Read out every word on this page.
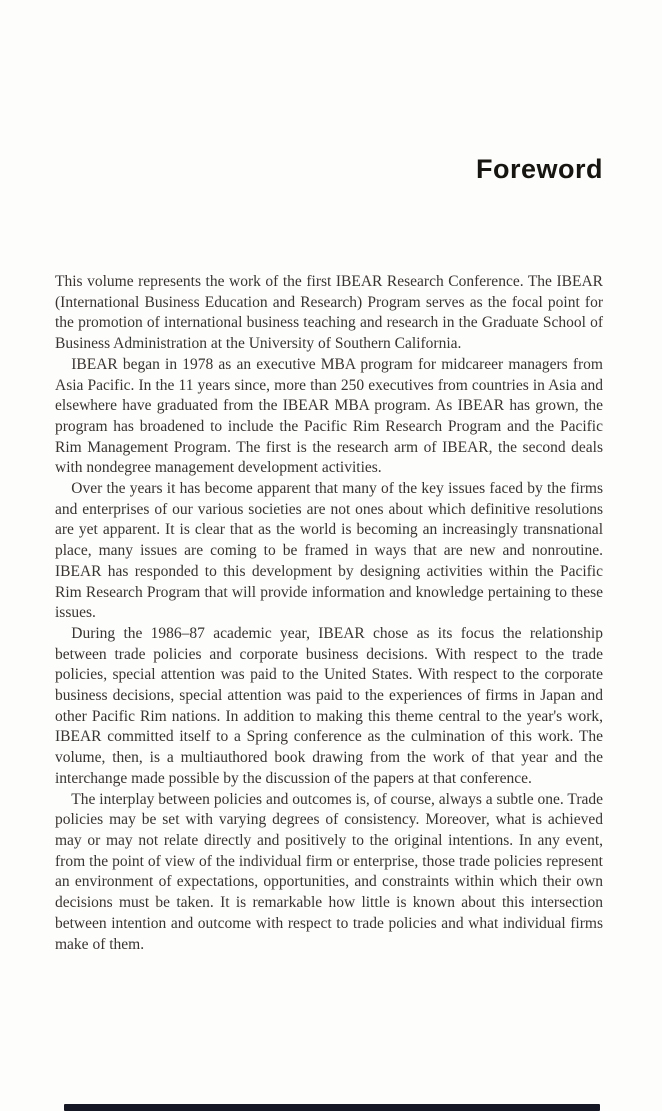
Foreword

This volume represents the work of the first IBEAR Research Conference. The IBEAR (International Business Education and Research) Program serves as the focal point for the promotion of international business teaching and research in the Graduate School of Business Administration at the University of Southern California.

IBEAR began in 1978 as an executive MBA program for midcareer managers from Asia Pacific. In the 11 years since, more than 250 executives from countries in Asia and elsewhere have graduated from the IBEAR MBA program. As IBEAR has grown, the program has broadened to include the Pacific Rim Research Program and the Pacific Rim Management Program. The first is the research arm of IBEAR, the second deals with nondegree management development activities.

Over the years it has become apparent that many of the key issues faced by the firms and enterprises of our various societies are not ones about which definitive resolutions are yet apparent. It is clear that as the world is becoming an increasingly transnational place, many issues are coming to be framed in ways that are new and nonroutine. IBEAR has responded to this development by designing activities within the Pacific Rim Research Program that will provide information and knowledge pertaining to these issues.

During the 1986–87 academic year, IBEAR chose as its focus the relationship between trade policies and corporate business decisions. With respect to the trade policies, special attention was paid to the United States. With respect to the corporate business decisions, special attention was paid to the experiences of firms in Japan and other Pacific Rim nations. In addition to making this theme central to the year's work, IBEAR committed itself to a Spring conference as the culmination of this work. The volume, then, is a multiauthored book drawing from the work of that year and the interchange made possible by the discussion of the papers at that conference.

The interplay between policies and outcomes is, of course, always a subtle one. Trade policies may be set with varying degrees of consistency. Moreover, what is achieved may or may not relate directly and positively to the original intentions. In any event, from the point of view of the individual firm or enterprise, those trade policies represent an environment of expectations, opportunities, and constraints within which their own decisions must be taken. It is remarkable how little is known about this intersection between intention and outcome with respect to trade policies and what individual firms make of them.
